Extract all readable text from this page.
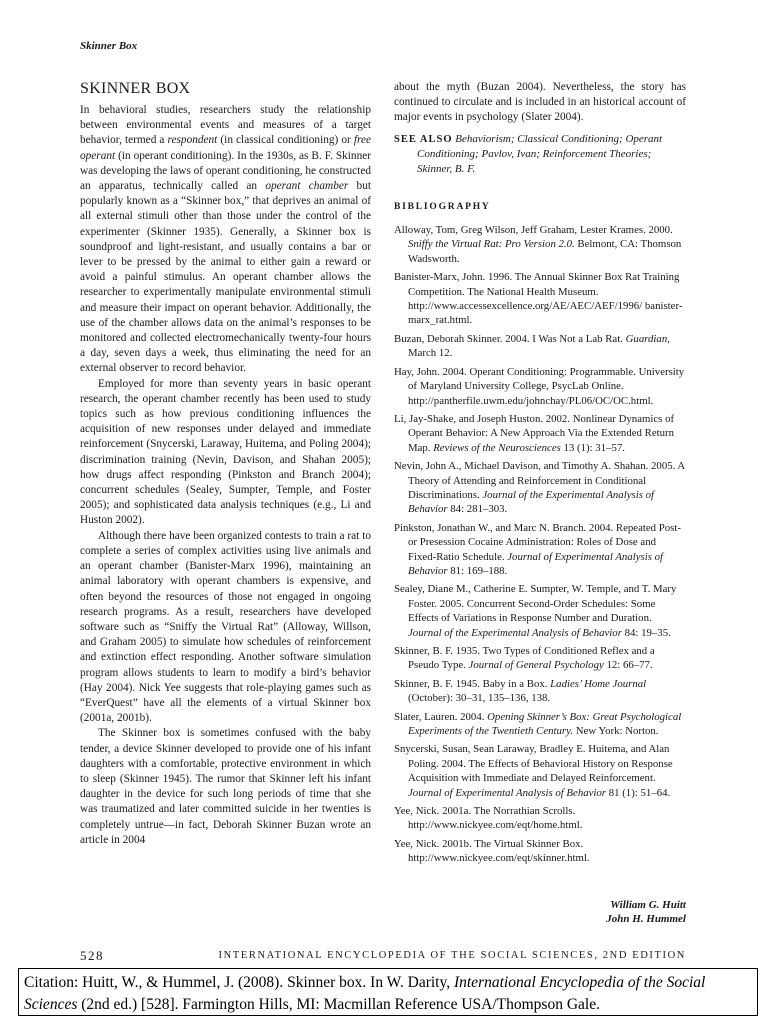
Skinner Box
SKINNER BOX

In behavioral studies, researchers study the relationship between environmental events and measures of a target behavior, termed a respondent (in classical conditioning) or free operant (in operant conditioning). In the 1930s, as B. F. Skinner was developing the laws of operant conditioning, he constructed an apparatus, technically called an operant chamber but popularly known as a “Skinner box,” that deprives an animal of all external stimuli other than those under the control of the experimenter (Skinner 1935). Generally, a Skinner box is soundproof and light-resistant, and usually contains a bar or lever to be pressed by the animal to either gain a reward or avoid a painful stimulus. An operant chamber allows the researcher to experimentally manipulate environmental stimuli and measure their impact on operant behavior. Additionally, the use of the chamber allows data on the animal’s responses to be monitored and collected electromechanically twenty-four hours a day, seven days a week, thus eliminating the need for an external observer to record behavior.

Employed for more than seventy years in basic operant research, the operant chamber recently has been used to study topics such as how previous conditioning influences the acquisition of new responses under delayed and immediate reinforcement (Snycerski, Laraway, Huitema, and Poling 2004); discrimination training (Nevin, Davison, and Shahan 2005); how drugs affect responding (Pinkston and Branch 2004); concurrent schedules (Sealey, Sumpter, Temple, and Foster 2005); and sophisticated data analysis techniques (e.g., Li and Huston 2002).

Although there have been organized contests to train a rat to complete a series of complex activities using live animals and an operant chamber (Banister-Marx 1996), maintaining an animal laboratory with operant chambers is expensive, and often beyond the resources of those not engaged in ongoing research programs. As a result, researchers have developed software such as “Sniffy the Virtual Rat” (Alloway, Willson, and Graham 2005) to simulate how schedules of reinforcement and extinction effect responding. Another software simulation program allows students to learn to modify a bird’s behavior (Hay 2004). Nick Yee suggests that role-playing games such as “EverQuest” have all the elements of a virtual Skinner box (2001a, 2001b).

The Skinner box is sometimes confused with the baby tender, a device Skinner developed to provide one of his infant daughters with a comfortable, protective environment in which to sleep (Skinner 1945). The rumor that Skinner left his infant daughter in the device for such long periods of time that she was traumatized and later committed suicide in her twenties is completely untrue—in fact, Deborah Skinner Buzan wrote an article in 2004

about the myth (Buzan 2004). Nevertheless, the story has continued to circulate and is included in an historical account of major events in psychology (Slater 2004).

SEE ALSO Behaviorism; Classical Conditioning; Operant Conditioning; Pavlov, Ivan; Reinforcement Theories; Skinner, B. F.
BIBLIOGRAPHY
Alloway, Tom, Greg Wilson, Jeff Graham, Lester Krames. 2000. Sniffy the Virtual Rat: Pro Version 2.0. Belmont, CA: Thomson Wadsworth.
Banister-Marx, John. 1996. The Annual Skinner Box Rat Training Competition. The National Health Museum. http://www.accessexcellence.org/AE/AEC/AEF/1996/ banister-marx_rat.html.
Buzan, Deborah Skinner. 2004. I Was Not a Lab Rat. Guardian, March 12.
Hay, John. 2004. Operant Conditioning: Programmable. University of Maryland University College, PsycLab Online. http://pantherfile.uwm.edu/johnchay/PL06/OC/OC.html.
Li, Jay-Shake, and Joseph Huston. 2002. Nonlinear Dynamics of Operant Behavior: A New Approach Via the Extended Return Map. Reviews of the Neurosciences 13 (1): 31–57.
Nevin, John A., Michael Davison, and Timothy A. Shahan. 2005. A Theory of Attending and Reinforcement in Conditional Discriminations. Journal of the Experimental Analysis of Behavior 84: 281–303.
Pinkston, Jonathan W., and Marc N. Branch. 2004. Repeated Post- or Presession Cocaine Administration: Roles of Dose and Fixed-Ratio Schedule. Journal of Experimental Analysis of Behavior 81: 169–188.
Sealey, Diane M., Catherine E. Sumpter, W. Temple, and T. Mary Foster. 2005. Concurrent Second-Order Schedules: Some Effects of Variations in Response Number and Duration. Journal of the Experimental Analysis of Behavior 84: 19–35.
Skinner, B. F. 1935. Two Types of Conditioned Reflex and a Pseudo Type. Journal of General Psychology 12: 66–77.
Skinner, B. F. 1945. Baby in a Box. Ladies’ Home Journal (October): 30–31, 135–136, 138.
Slater, Lauren. 2004. Opening Skinner’s Box: Great Psychological Experiments of the Twentieth Century. New York: Norton.
Snycerski, Susan, Sean Laraway, Bradley E. Huitema, and Alan Poling. 2004. The Effects of Behavioral History on Response Acquisition with Immediate and Delayed Reinforcement. Journal of Experimental Analysis of Behavior 81 (1): 51–64.
Yee, Nick. 2001a. The Norrathian Scrolls. http://www.nickyee.com/eqt/home.html.
Yee, Nick. 2001b. The Virtual Skinner Box. http://www.nickyee.com/eqt/skinner.html.
William G. Huitt
John H. Hummel
528	INTERNATIONAL ENCYCLOPEDIA OF THE SOCIAL SCIENCES, 2ND EDITION
Citation: Huitt, W., & Hummel, J. (2008). Skinner box. In W. Darity, International Encyclopedia of the Social Sciences (2nd ed.) [528]. Farmington Hills, MI: Macmillan Reference USA/Thompson Gale.
